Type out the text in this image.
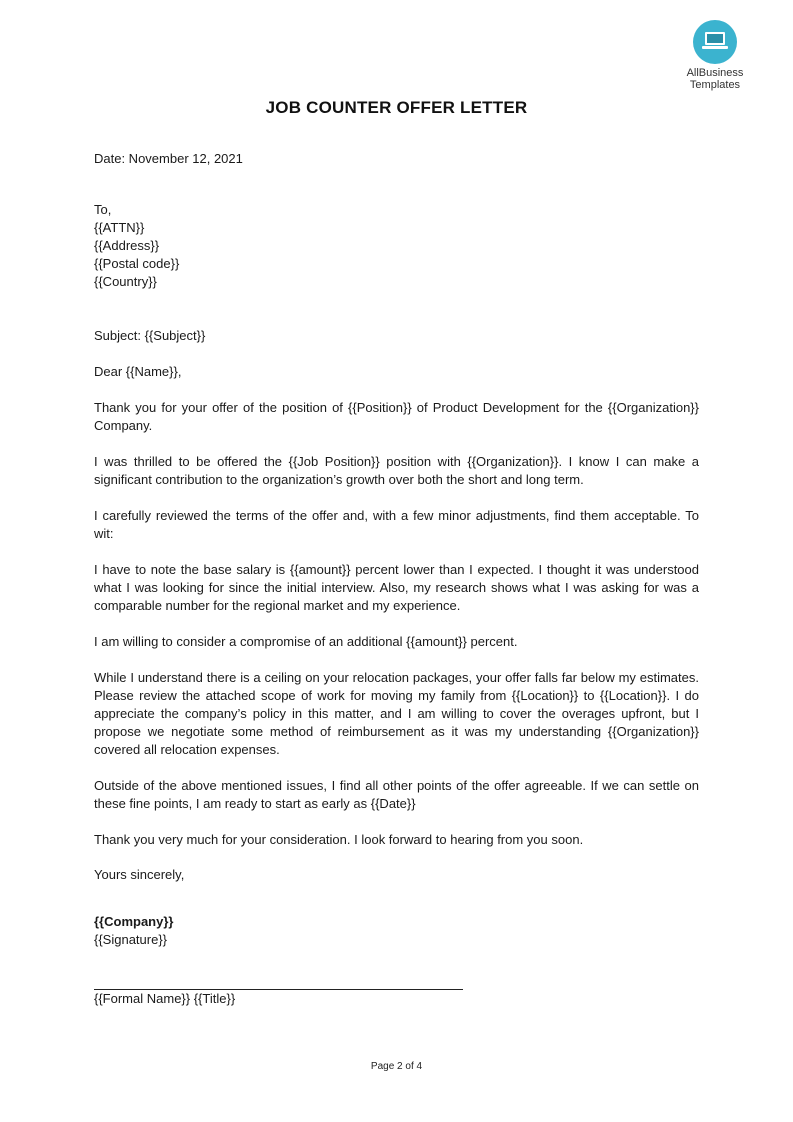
AllBusiness
Templates
JOB COUNTER OFFER LETTER

Date: November 12, 2021

To,

{{ATTN}}

{{Address}}

{{Postal code}}

{{Country}}

Subject: {{Subject}}

Dear {{Name}},

Thank you for your offer of the position of {{Position}} of Product Development for the {{Organization}} Company.

I was thrilled to be offered the {{Job Position}} position with {{Organization}}. I know I can make a significant contribution to the organization’s growth over both the short and long term.

I carefully reviewed the terms of the offer and, with a few minor adjustments, find them acceptable. To wit:

I have to note the base salary is {{amount}} percent lower than I expected. I thought it was understood what I was looking for since the initial interview. Also, my research shows what I was asking for was a comparable number for the regional market and my experience.

I am willing to consider a compromise of an additional {{amount}} percent.

While I understand there is a ceiling on your relocation packages, your offer falls far below my estimates. Please review the attached scope of work for moving my family from {{Location}} to {{Location}}. I do appreciate the company’s policy in this matter, and I am willing to cover the overages upfront, but I propose we negotiate some method of reimbursement as it was my understanding {{Organization}} covered all relocation expenses.

Outside of the above mentioned issues, I find all other points of the offer agreeable. If we can settle on these fine points, I am ready to start as early as {{Date}}

Thank you very much for your consideration. I look forward to hearing from you soon.

Yours sincerely,

{{Company}}

{{Signature}}

{{Formal Name}} {{Title}}

Page 2 of 4
